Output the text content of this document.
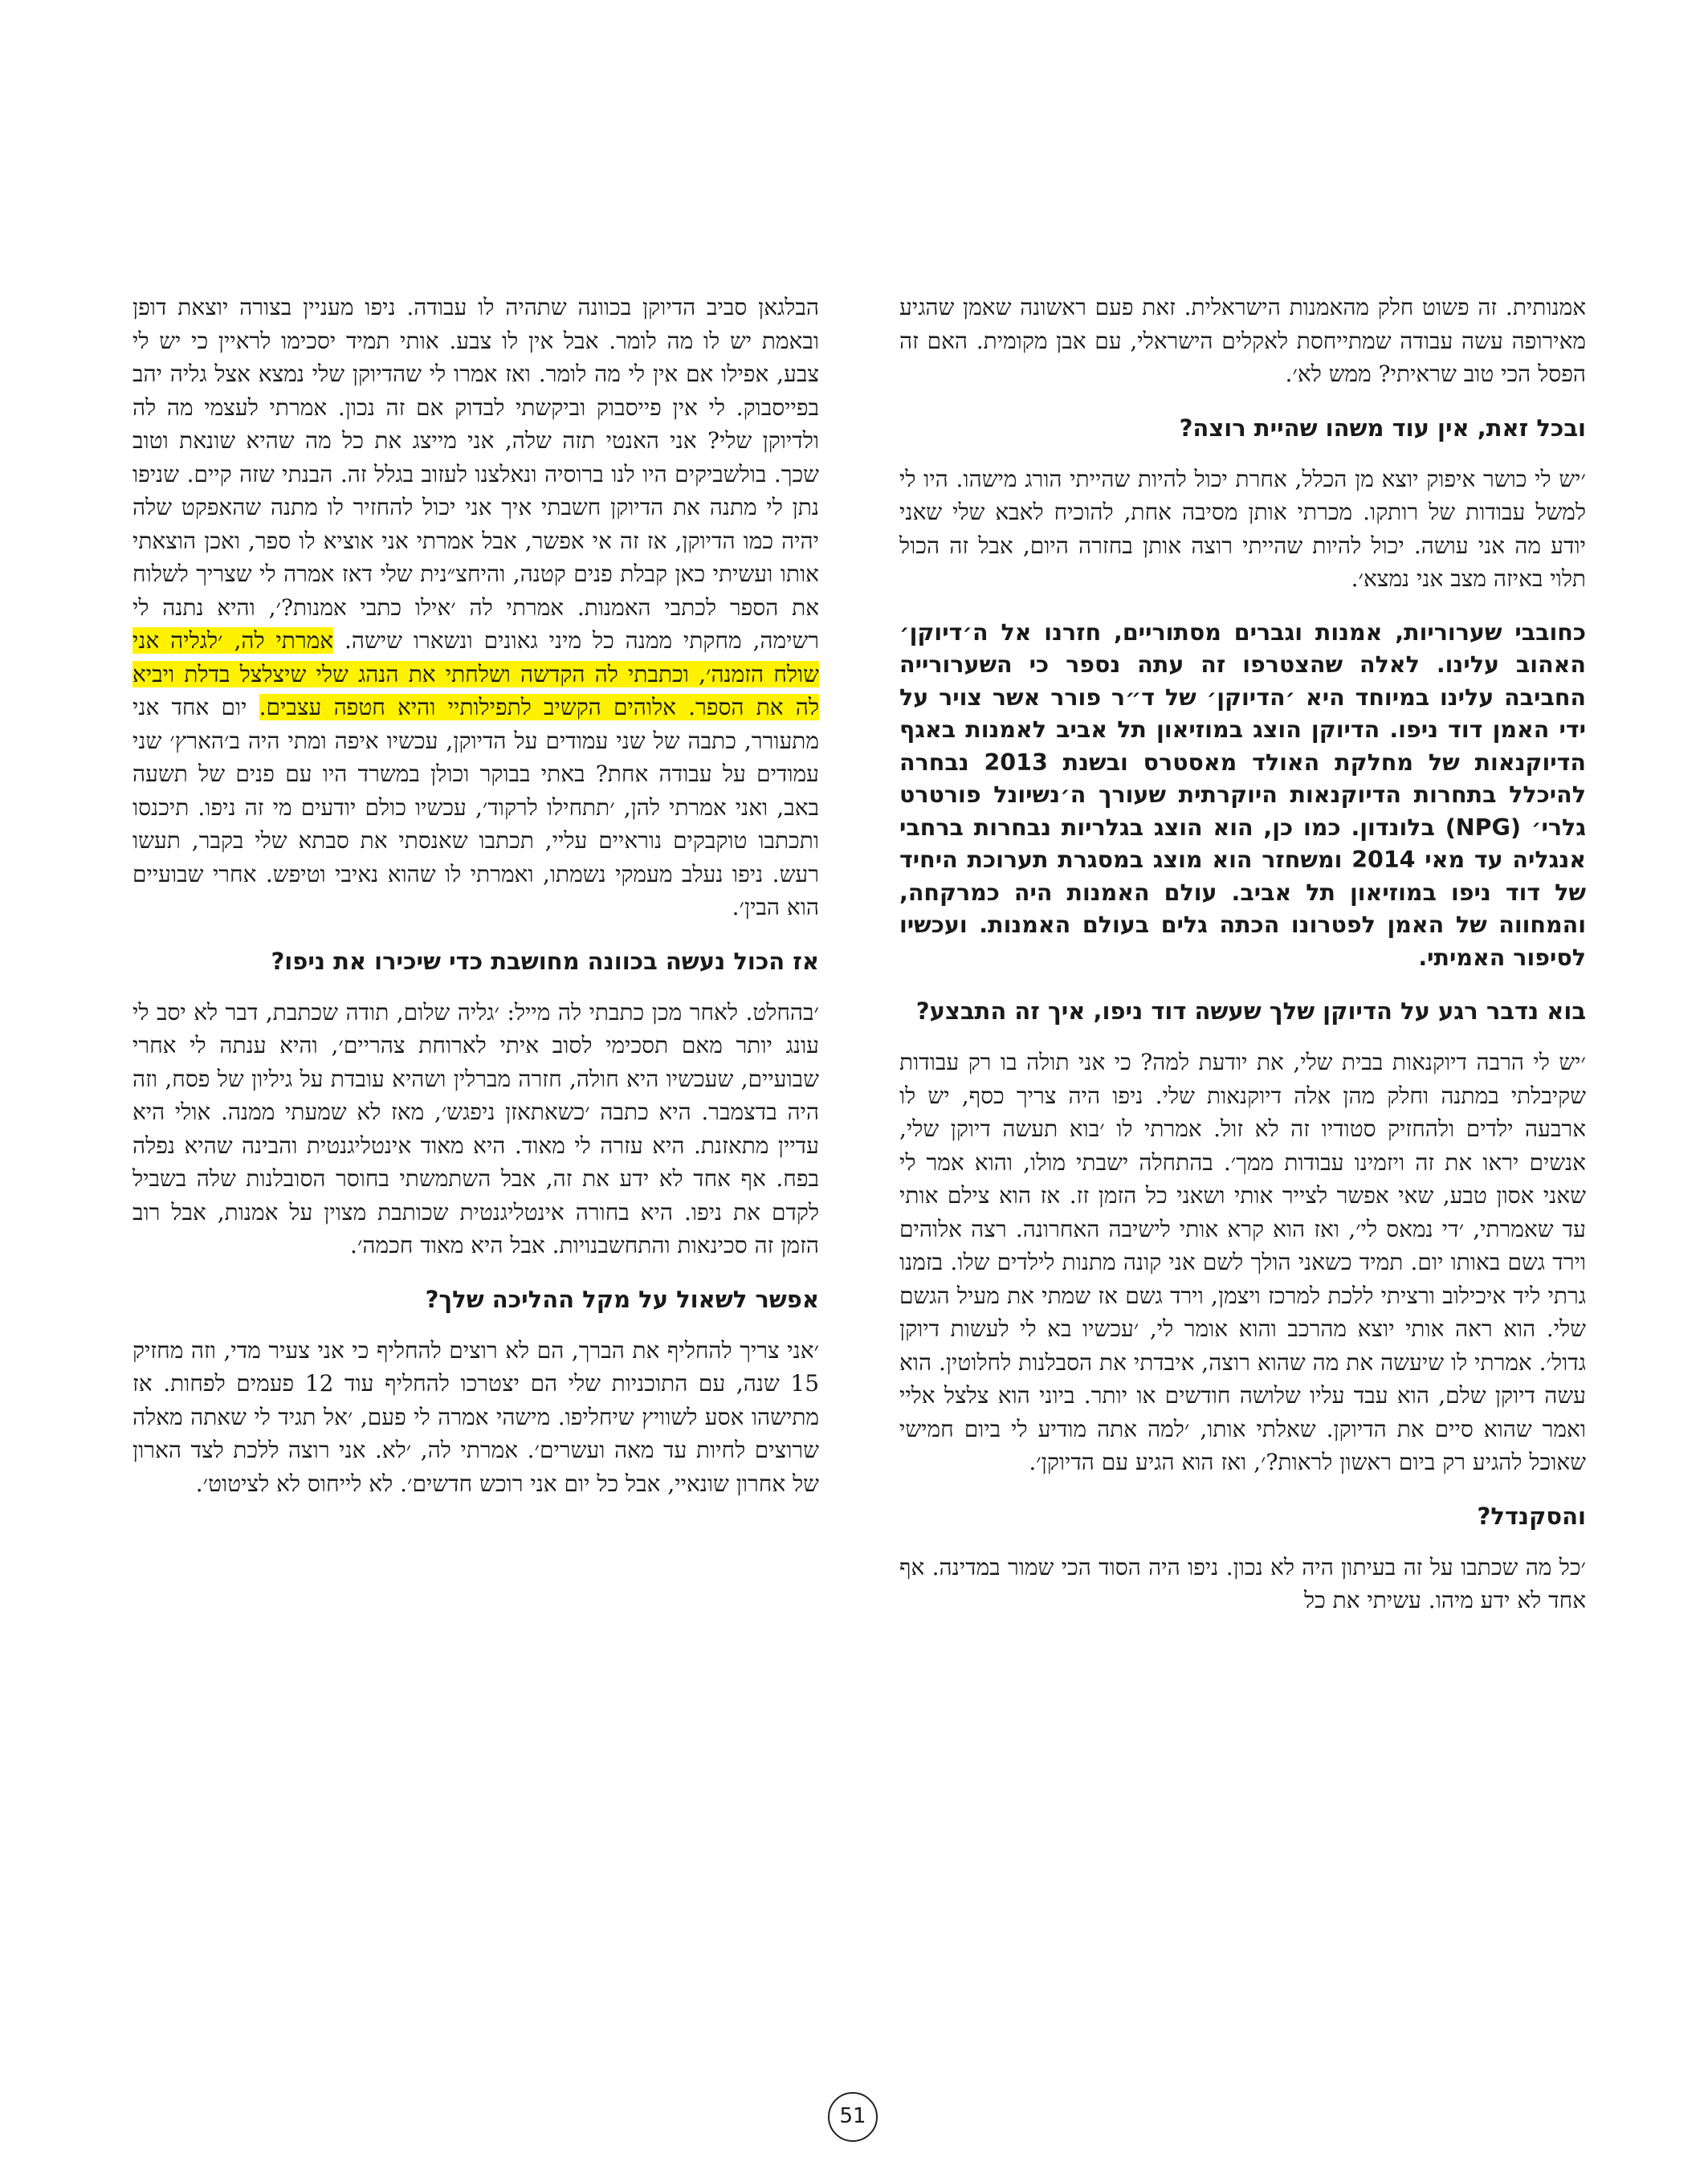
אמנותית. זה פשוט חלק מהאמנות הישראלית. זאת פעם ראשונה שאמן שהגיע מאירופה עשה עבודה שמתייחסת לאקלים הישראלי, עם אבן מקומית. האם זה הפסל הכי טוב שראיתי? ממש לא׳.

ובכל זאת, אין עוד משהו שהיית רוצה?

׳יש לי כושר איפוק יוצא מן הכלל, אחרת יכול להיות שהייתי הורג מישהו. היו לי למשל עבודות של רותקו. מכרתי אותן מסיבה אחת, להוכיח לאבא שלי שאני יודע מה אני עושה. יכול להיות שהייתי רוצה אותן בחזרה היום, אבל זה הכול תלוי באיזה מצב אני נמצא׳.

כחובבי שערוריות, אמנות וגברים מסתוריים, חזרנו אל ה׳דיוקן׳ האהוב עלינו. לאלה שהצטרפו זה עתה נספר כי השערורייה החביבה עלינו במיוחד היא ׳הדיוקן׳ של ד״ר פורר אשר צויר על ידי האמן דוד ניפו. הדיוקן הוצג במוזיאון תל אביב לאמנות באגף הדיוקנאות של מחלקת האולד מאסטרס ובשנת 2013 נבחרה להיכלל בתחרות הדיוקנאות היוקרתית שעורך ה׳נשיונל פורטרט גלרי׳ (NPG) בלונדון. כמו כן, הוא הוצג בגלריות נבחרות ברחבי אנגליה עד מאי 2014 ומשחזר הוא מוצג במסגרת תערוכת היחיד של דוד ניפו במוזיאון תל אביב. עולם האמנות היה כמרקחה, והמחווה של האמן לפטרונו הכתה גלים בעולם האמנות. ועכשיו לסיפור האמיתי.

בוא נדבר רגע על הדיוקן שלך שעשה דוד ניפו, איך זה התבצע?

׳יש לי הרבה דיוקנאות בבית שלי, את יודעת למה? כי אני תולה בו רק עבודות שקיבלתי במתנה וחלק מהן אלה דיוקנאות שלי. ניפו היה צריך כסף, יש לו ארבעה ילדים ולהחזיק סטודיו זה לא זול. אמרתי לו ׳בוא תעשה דיוקן שלי, אנשים יראו את זה ויזמינו עבודות ממך׳. בהתחלה ישבתי מולו, והוא אמר לי שאני אסון טבע, שאי אפשר לצייר אותי ושאני כל הזמן זז. אז הוא צילם אותי עד שאמרתי, ׳די נמאס לי׳, ואז הוא קרא אותי לישיבה האחרונה. רצה אלוהים וירד גשם באותו יום. תמיד כשאני הולך לשם אני קונה מתנות לילדים שלו. בזמנו גרתי ליד איכילוב ורציתי ללכת למרכז ויצמן, וירד גשם אז שמתי את מעיל הגשם שלי. הוא ראה אותי יוצא מהרכב והוא אומר לי, ׳עכשיו בא לי לעשות דיוקן גדול׳. אמרתי לו שיעשה את מה שהוא רוצה, איבדתי את הסבלנות לחלוטין. הוא עשה דיוקן שלם, הוא עבד עליו שלושה חודשים או יותר. ביוני הוא צלצל אליי ואמר שהוא סיים את הדיוקן. שאלתי אותו, ׳למה אתה מודיע לי ביום חמישי שאוכל להגיע רק ביום ראשון לראות?׳, ואז הוא הגיע עם הדיוקן׳.

והסקנדל?

׳כל מה שכתבו על זה בעיתון היה לא נכון. ניפו היה הסוד הכי שמור במדינה. אף אחד לא ידע מיהו. עשיתי את כל

הבלגאן סביב הדיוקן בכוונה שתהיה לו עבודה. ניפו מעניין בצורה יוצאת דופן ובאמת יש לו מה לומר. אבל אין לו צבע. אותי תמיד יסכימו לראיין כי יש לי צבע, אפילו אם אין לי מה לומר. ואז אמרו לי שהדיוקן שלי נמצא אצל גליה יהב בפייסבוק. לי אין פייסבוק וביקשתי לבדוק אם זה נכון. אמרתי לעצמי מה לה ולדיוקן שלי? אני האנטי תזה שלה, אני מייצג את כל מה שהיא שונאת וטוב שכך. בולשביקים היו לנו ברוסיה ונאלצנו לעזוב בגלל זה. הבנתי שזה קיים. שניפו נתן לי מתנה את הדיוקן חשבתי איך אני יכול להחזיר לו מתנה שהאפקט שלה יהיה כמו הדיוקן, אז זה אי אפשר, אבל אמרתי אני אוציא לו ספר, ואכן הוצאתי אותו ועשיתי כאן קבלת פנים קטנה, והיחצ״נית שלי דאז אמרה לי שצריך לשלוח את הספר לכתבי האמנות. אמרתי לה ׳אילו כתבי אמנות?׳, והיא נתנה לי רשימה, מחקתי ממנה כל מיני גאונים ונשארו שישה. אמרתי לה, ׳לגליה אני שולח הזמנה׳, וכתבתי לה הקדשה ושלחתי את הנהג שלי שיצלצל בדלת ויביא לה את הספר. אלוהים הקשיב לתפילותיי והיא חטפה עצבים. יום אחד אני מתעורר, כתבה של שני עמודים על הדיוקן, עכשיו איפה ומתי היה ב׳הארץ׳ שני עמודים על עבודה אחת? באתי בבוקר וכולן במשרד היו עם פנים של תשעה באב, ואני אמרתי להן, ׳תתחילו לרקוד׳, עכשיו כולם יודעים מי זה ניפו. תיכנסו ותכתבו טוקבקים נוראיים עליי, תכתבו שאנסתי את סבתא שלי בקבר, תעשו רעש. ניפו נעלב מעמקי נשמתו, ואמרתי לו שהוא נאיבי וטיפש. אחרי שבועיים הוא הבין׳.

אז הכול נעשה בכוונה מחושבת כדי שיכירו את ניפו?

׳בהחלט. לאחר מכן כתבתי לה מייל: ׳גליה שלום, תודה שכתבת, דבר לא יסב לי עונג יותר מאם תסכימי לסוב איתי לארוחת צהריים׳, והיא ענתה לי אחרי שבועיים, שעכשיו היא חולה, חזרה מברלין ושהיא עובדת על גיליון של פסח, וזה היה בדצמבר. היא כתבה ׳כשאתאזן ניפגש׳, מאז לא שמעתי ממנה. אולי היא עדיין מתאזנת. היא עזרה לי מאוד. היא מאוד אינטליגנטית והבינה שהיא נפלה בפח. אף אחד לא ידע את זה, אבל השתמשתי בחוסר הסובלנות שלה בשביל לקדם את ניפו. היא בחורה אינטליגנטית שכותבת מצוין על אמנות, אבל רוב הזמן זה סכינאות והתחשבנויות. אבל היא מאוד חכמה׳.

אפשר לשאול על מקל ההליכה שלך?

׳אני צריך להחליף את הברך, הם לא רוצים להחליף כי אני צעיר מדי, וזה מחזיק 15 שנה, עם התוכניות שלי הם יצטרכו להחליף עוד 12 פעמים לפחות. אז מתישהו אסע לשוויץ שיחליפו. מישהי אמרה לי פעם, ׳אל תגיד לי שאתה מאלה שרוצים לחיות עד מאה ועשרים׳. אמרתי לה, ׳לא. אני רוצה ללכת לצד הארון של אחרון שונאיי, אבל כל יום אני רוכש חדשים׳. לא לייחוס לא לציטוט׳.

51
